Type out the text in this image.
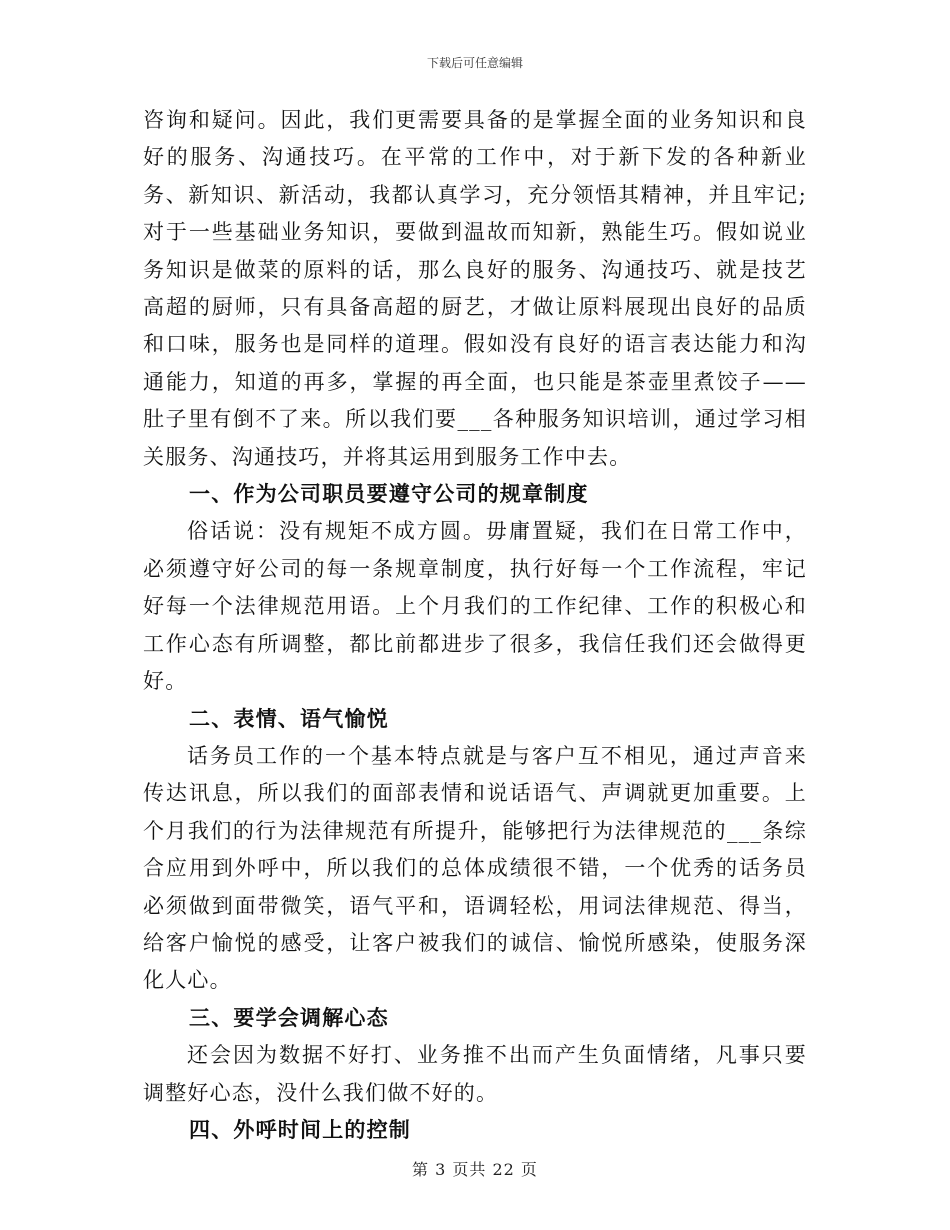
下载后可任意编辑

咨询和疑问。因此，我们更需要具备的是掌握全面的业务知识和良好的服务、沟通技巧。在平常的工作中，对于新下发的各种新业务、新知识、新活动，我都认真学习，充分领悟其精神，并且牢记;对于一些基础业务知识，要做到温故而知新，熟能生巧。假如说业务知识是做菜的原料的话，那么良好的服务、沟通技巧、就是技艺高超的厨师，只有具备高超的厨艺，才做让原料展现出良好的品质和口味，服务也是同样的道理。假如没有良好的语言表达能力和沟通能力，知道的再多，掌握的再全面，也只能是茶壶里煮饺子——肚子里有倒不了来。所以我们要___各种服务知识培训，通过学习相关服务、沟通技巧，并将其运用到服务工作中去。

一、作为公司职员要遵守公司的规章制度

俗话说：没有规矩不成方圆。毋庸置疑，我们在日常工作中，必须遵守好公司的每一条规章制度，执行好每一个工作流程，牢记好每一个法律规范用语。上个月我们的工作纪律、工作的积极心和工作心态有所调整，都比前都进步了很多，我信任我们还会做得更好。

二、表情、语气愉悦

话务员工作的一个基本特点就是与客户互不相见，通过声音来传达讯息，所以我们的面部表情和说话语气、声调就更加重要。上个月我们的行为法律规范有所提升，能够把行为法律规范的___条综合应用到外呼中，所以我们的总体成绩很不错，一个优秀的话务员必须做到面带微笑，语气平和，语调轻松，用词法律规范、得当，给客户愉悦的感受，让客户被我们的诚信、愉悦所感染，使服务深化人心。

三、要学会调解心态

还会因为数据不好打、业务推不出而产生负面情绪，凡事只要调整好心态，没什么我们做不好的。

四、外呼时间上的控制

第 3 页共 22 页
